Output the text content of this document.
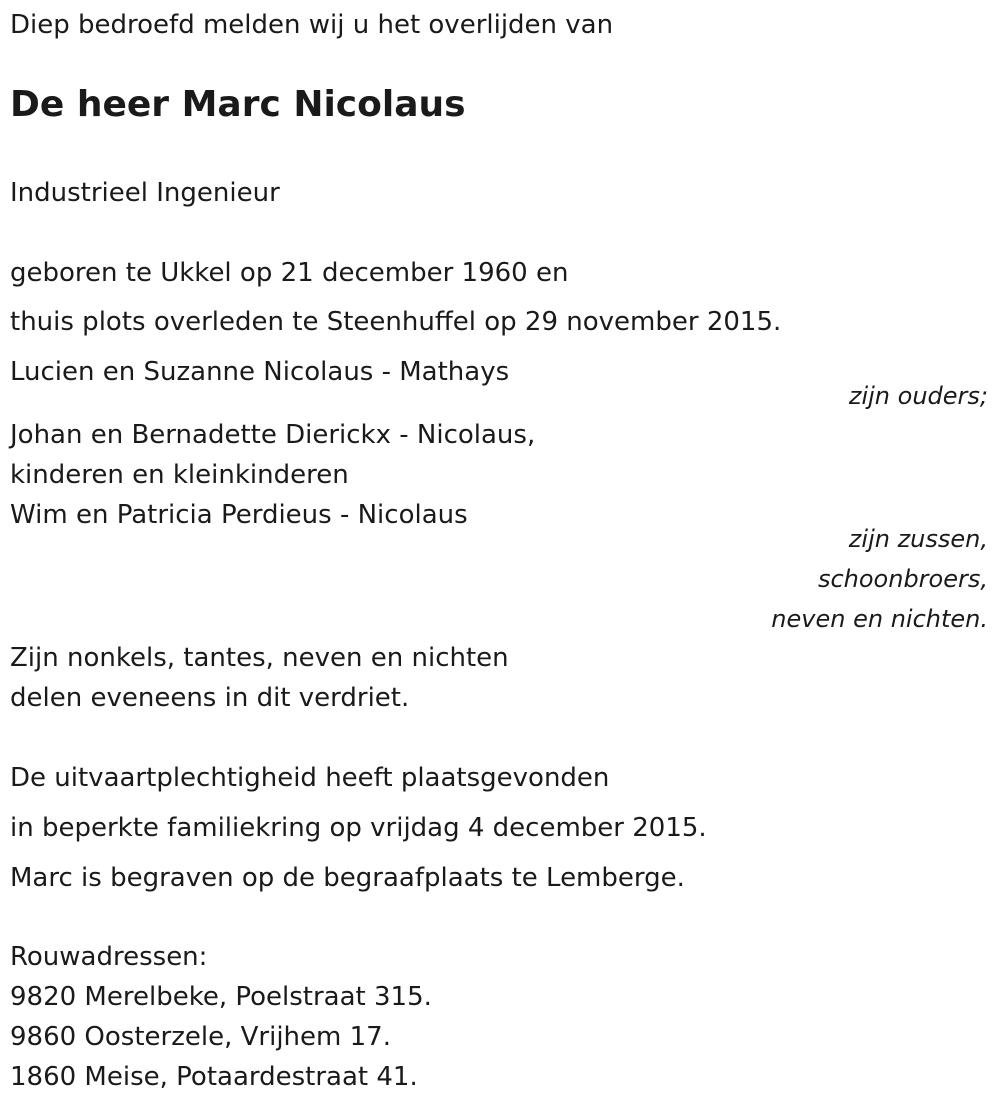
Diep bedroefd melden wij u het overlijden van
De heer Marc Nicolaus
Industrieel Ingenieur
geboren te Ukkel op 21 december 1960 en
thuis plots overleden te Steenhuffel op 29 november 2015.
Lucien en Suzanne Nicolaus - Mathays
zijn ouders;
Johan en Bernadette Dierickx - Nicolaus,
kinderen en kleinkinderen
Wim en Patricia Perdieus - Nicolaus
zijn zussen,
schoonbroers,
neven en nichten.
Zijn nonkels, tantes, neven en nichten
delen eveneens in dit verdriet.
De uitvaartplechtigheid heeft plaatsgevonden
in beperkte familiekring op vrijdag 4 december 2015.
Marc is begraven op de begraafplaats te Lemberge.
Rouwadressen:
9820 Merelbeke, Poelstraat 315.
9860 Oosterzele, Vrijhem 17.
1860 Meise, Potaardestraat 41.
